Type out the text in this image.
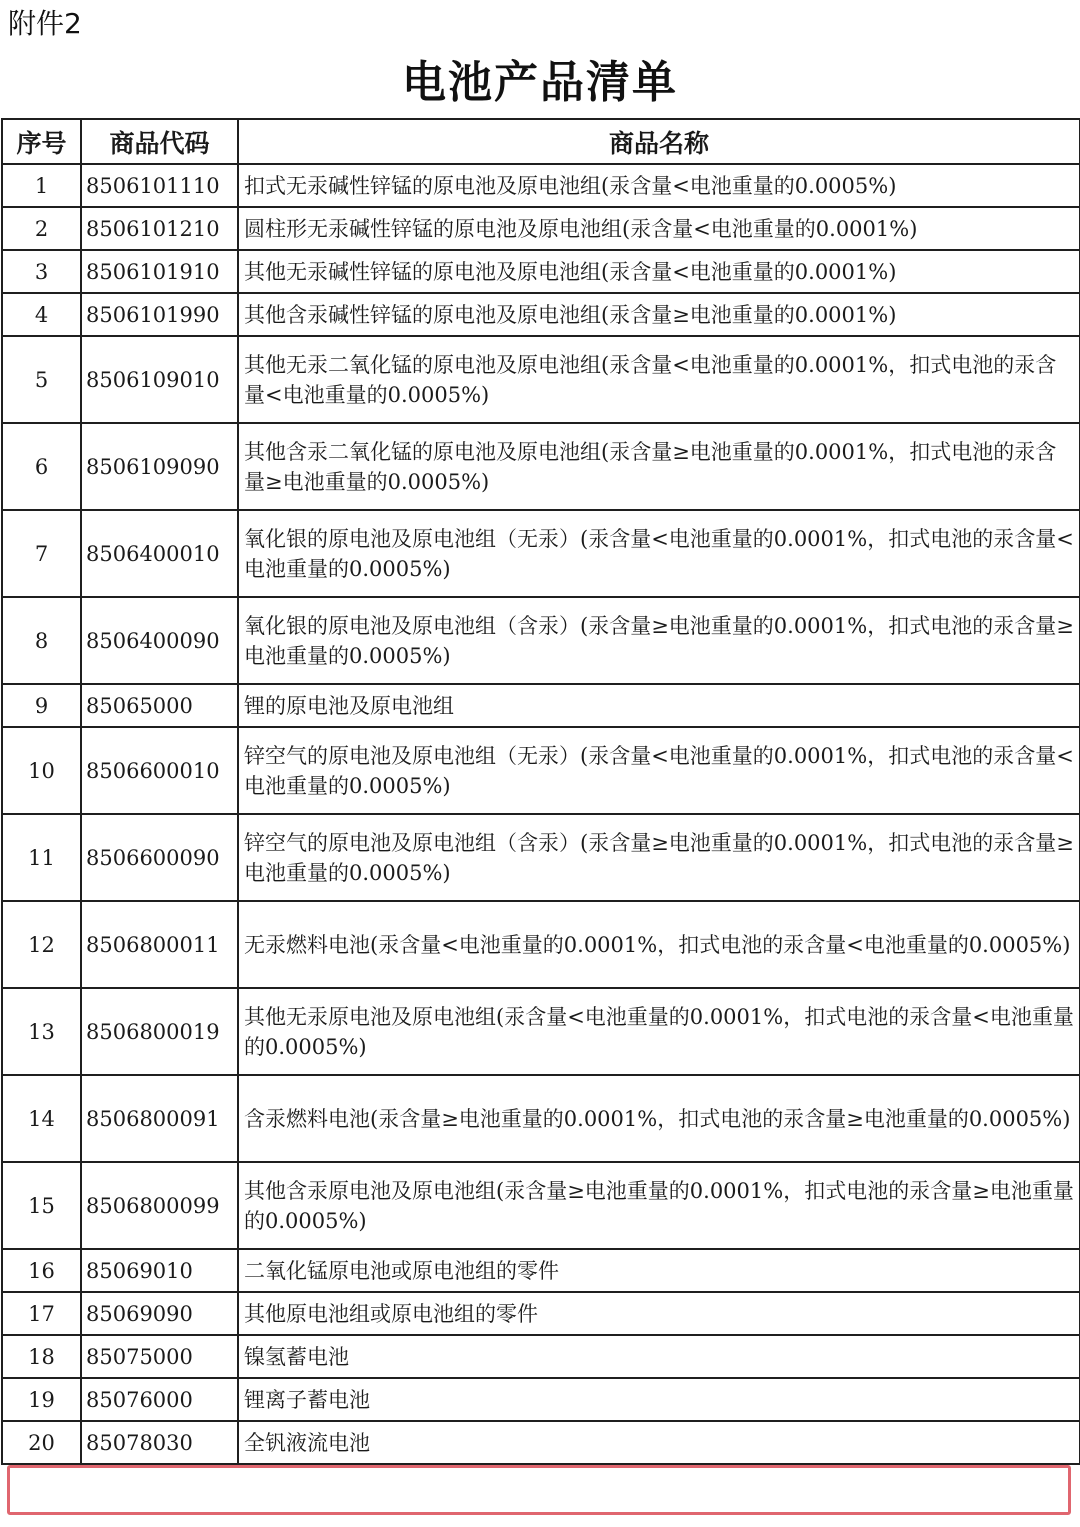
附件2
电池产品清单
序号	商品代码	商品名称
1	8506101110	扣式无汞碱性锌锰的原电池及原电池组(汞含量<电池重量的0.0005%)
2	8506101210	圆柱形无汞碱性锌锰的原电池及原电池组(汞含量<电池重量的0.0001%)
3	8506101910	其他无汞碱性锌锰的原电池及原电池组(汞含量<电池重量的0.0001%)
4	8506101990	其他含汞碱性锌锰的原电池及原电池组(汞含量≥电池重量的0.0001%)
5	8506109010	其他无汞二氧化锰的原电池及原电池组(汞含量<电池重量的0.0001%，扣式电池的汞含量<电池重量的0.0005%)
6	8506109090	其他含汞二氧化锰的原电池及原电池组(汞含量≥电池重量的0.0001%，扣式电池的汞含量≥电池重量的0.0005%)
7	8506400010	氧化银的原电池及原电池组（无汞）(汞含量<电池重量的0.0001%，扣式电池的汞含量<电池重量的0.0005%)
8	8506400090	氧化银的原电池及原电池组（含汞）(汞含量≥电池重量的0.0001%，扣式电池的汞含量≥电池重量的0.0005%)
9	85065000	锂的原电池及原电池组
10	8506600010	锌空气的原电池及原电池组（无汞）(汞含量<电池重量的0.0001%，扣式电池的汞含量<电池重量的0.0005%)
11	8506600090	锌空气的原电池及原电池组（含汞）(汞含量≥电池重量的0.0001%，扣式电池的汞含量≥电池重量的0.0005%)
12	8506800011	无汞燃料电池(汞含量<电池重量的0.0001%，扣式电池的汞含量<电池重量的0.0005%)
13	8506800019	其他无汞原电池及原电池组(汞含量<电池重量的0.0001%，扣式电池的汞含量<电池重量的0.0005%)
14	8506800091	含汞燃料电池(汞含量≥电池重量的0.0001%，扣式电池的汞含量≥电池重量的0.0005%)
15	8506800099	其他含汞原电池及原电池组(汞含量≥电池重量的0.0001%，扣式电池的汞含量≥电池重量的0.0005%)
16	85069010	二氧化锰原电池或原电池组的零件
17	85069090	其他原电池组或原电池组的零件
18	85075000	镍氢蓄电池
19	85076000	锂离子蓄电池
20	85078030	全钒液流电池
